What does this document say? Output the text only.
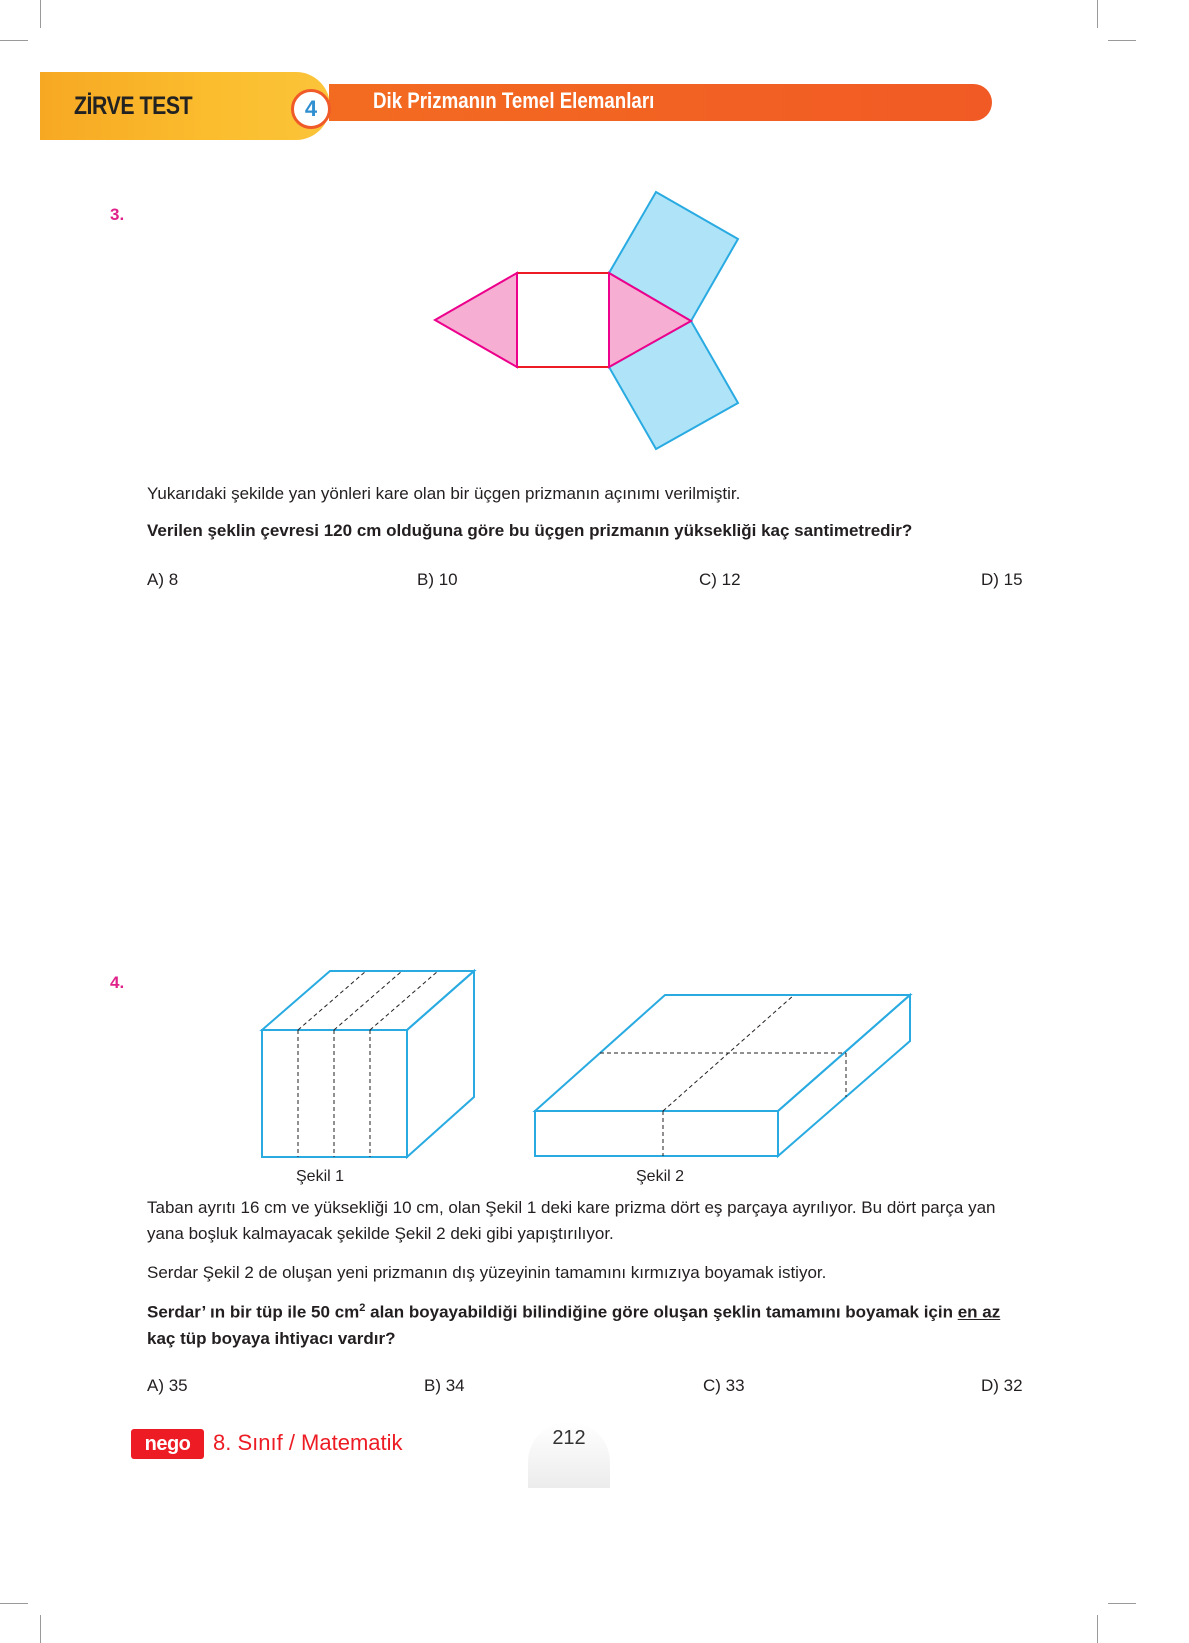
ZİRVE TEST	4	Dik Prizmanın Temel Elemanları
3.
Yukarıdaki şekilde yan yönleri kare olan bir üçgen prizmanın açınımı verilmiştir.
Verilen şeklin çevresi 120 cm olduğuna göre bu üçgen prizmanın yüksekliği kaç santimetredir?
A) 8	B) 10	C) 12	D) 15
4.
Şekil 1	Şekil 2
Taban ayrıtı 16 cm ve yüksekliği 10 cm, olan Şekil 1 deki kare prizma dört eş parçaya ayrılıyor. Bu dört parça yan yana boşluk kalmayacak şekilde Şekil 2 deki gibi yapıştırılıyor.
Serdar Şekil 2 de oluşan yeni prizmanın dış yüzeyinin tamamını kırmızıya boyamak istiyor.
Serdar’ ın bir tüp ile 50 $cm^2$ alan boyayabildiği bilindiğine göre oluşan şeklin tamamını boyamak için en az kaç tüp boyaya ihtiyacı vardır?
A) 35	B) 34	C) 33	D) 32
nego	8. Sınıf / Matematik	212
